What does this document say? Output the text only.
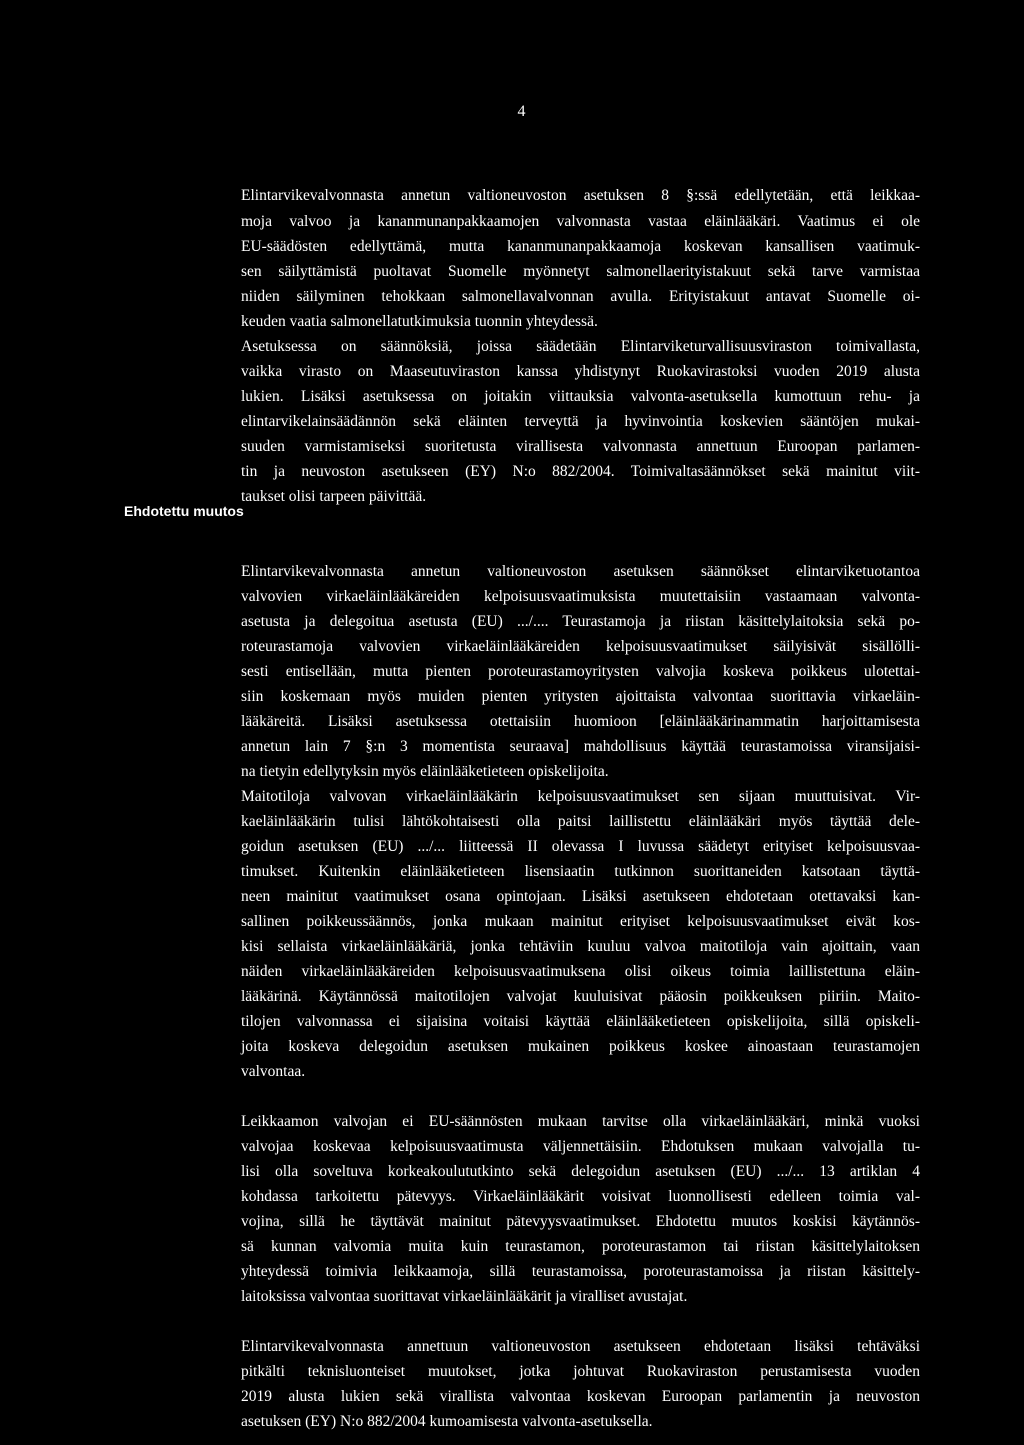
4
Ehdotettu muutos
Elintarvikevalvonnasta annetun valtioneuvoston asetuksen 8 §:ssä edellytetään, että leikkaa-
moja valvoo ja kananmunanpakkaamojen valvonnasta vastaa eläinlääkäri. Vaatimus ei ole
EU-säädösten edellyttämä, mutta kananmunanpakkaamoja koskevan kansallisen vaatimuk-
sen säilyttämistä puoltavat Suomelle myönnetyt salmonellaerityistakuut sekä tarve varmistaa
niiden säilyminen tehokkaan salmonellavalvonnan avulla. Erityistakuut antavat Suomelle oi-
keuden vaatia salmonellatutkimuksia tuonnin yhteydessä.
Asetuksessa on säännöksiä, joissa säädetään Elintarviketurvallisuusviraston toimivallasta,
vaikka virasto on Maaseutuviraston kanssa yhdistynyt Ruokavirastoksi vuoden 2019 alusta
lukien. Lisäksi asetuksessa on joitakin viittauksia valvonta-asetuksella kumottuun rehu- ja
elintarvikelainsäädännön sekä eläinten terveyttä ja hyvinvointia koskevien sääntöjen mukai-
suuden varmistamiseksi suoritetusta virallisesta valvonnasta annettuun Euroopan parlamen-
tin ja neuvoston asetukseen (EY) N:o 882/2004. Toimivaltasäännökset sekä mainitut viit-
taukset olisi tarpeen päivittää.
Elintarvikevalvonnasta annetun valtioneuvoston asetuksen säännökset elintarviketuotantoa
valvovien virkaeläinlääkäreiden kelpoisuusvaatimuksista muutettaisiin vastaamaan valvonta-
asetusta ja delegoitua asetusta (EU) .../.... Teurastamoja ja riistan käsittelylaitoksia sekä po-
roteurastamoja valvovien virkaeläinlääkäreiden kelpoisuusvaatimukset säilyisivät sisällölli-
sesti entisellään, mutta pienten poroteurastamoyritysten valvojia koskeva poikkeus ulotettai-
siin koskemaan myös muiden pienten yritysten ajoittaista valvontaa suorittavia virkaeläin-
lääkäreitä. Lisäksi asetuksessa otettaisiin huomioon [eläinlääkärinammatin harjoittamisesta
annetun lain 7 §:n 3 momentista seuraava] mahdollisuus käyttää teurastamoissa viransijaisi-
na tietyin edellytyksin myös eläinlääketieteen opiskelijoita.
Maitotiloja valvovan virkaeläinlääkärin kelpoisuusvaatimukset sen sijaan muuttuisivat. Vir-
kaeläinlääkärin tulisi lähtökohtaisesti olla paitsi laillistettu eläinlääkäri myös täyttää dele-
goidun asetuksen (EU) .../... liitteessä II olevassa I luvussa säädetyt erityiset kelpoisuusvaa-
timukset. Kuitenkin eläinlääketieteen lisensiaatin tutkinnon suorittaneiden katsotaan täyttä-
neen mainitut vaatimukset osana opintojaan. Lisäksi asetukseen ehdotetaan otettavaksi kan-
sallinen poikkeussäännös, jonka mukaan mainitut erityiset kelpoisuusvaatimukset eivät kos-
kisi sellaista virkaeläinlääkäriä, jonka tehtäviin kuuluu valvoa maitotiloja vain ajoittain, vaan
näiden virkaeläinlääkäreiden kelpoisuusvaatimuksena olisi oikeus toimia laillistettuna eläin-
lääkärinä. Käytännössä maitotilojen valvojat kuuluisivat pääosin poikkeuksen piiriin. Maito-
tilojen valvonnassa ei sijaisina voitaisi käyttää eläinlääketieteen opiskelijoita, sillä opiskeli-
joita koskeva delegoidun asetuksen mukainen poikkeus koskee ainoastaan teurastamojen
valvontaa.
Leikkaamon valvojan ei EU-säännösten mukaan tarvitse olla virkaeläinlääkäri, minkä vuoksi
valvojaa koskevaa kelpoisuusvaatimusta väljennettäisiin. Ehdotuksen mukaan valvojalla tu-
lisi olla soveltuva korkeakoulututkinto sekä delegoidun asetuksen (EU) .../... 13 artiklan 4
kohdassa tarkoitettu pätevyys. Virkaeläinlääkärit voisivat luonnollisesti edelleen toimia val-
vojina, sillä he täyttävät mainitut pätevyysvaatimukset. Ehdotettu muutos koskisi käytännös-
sä kunnan valvomia muita kuin teurastamon, poroteurastamon tai riistan käsittelylaitoksen
yhteydessä toimivia leikkaamoja, sillä teurastamoissa, poroteurastamoissa ja riistan käsittely-
laitoksissa valvontaa suorittavat virkaeläinlääkärit ja viralliset avustajat.
Elintarvikevalvonnasta annettuun valtioneuvoston asetukseen ehdotetaan lisäksi tehtäväksi
pitkälti teknisluonteiset muutokset, jotka johtuvat Ruokaviraston perustamisesta vuoden
2019 alusta lukien sekä virallista valvontaa koskevan Euroopan parlamentin ja neuvoston
asetuksen (EY) N:o 882/2004 kumoamisesta valvonta-asetuksella.
